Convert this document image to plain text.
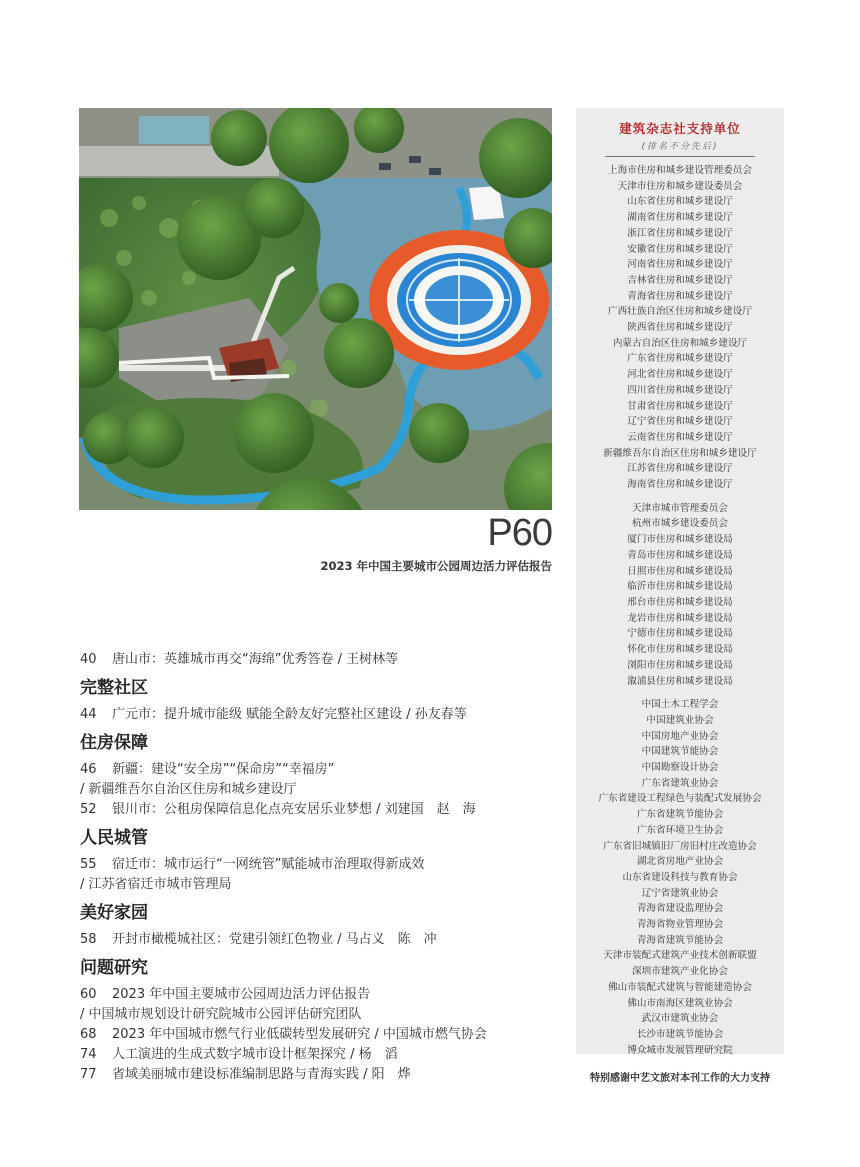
P60
2023 年中国主要城市公园周边活力评估报告
40 唐山市：英雄城市再交“海绵”优秀答卷 / 王树林等
完整社区
44 广元市：提升城市能级 赋能全龄友好完整社区建设 / 孙友春等
住房保障
46 新疆：建设“安全房”“保命房”“幸福房”
/ 新疆维吾尔自治区住房和城乡建设厅
52 银川市：公租房保障信息化点亮安居乐业梦想 / 刘建国　赵　海
人民城管
55 宿迁市：城市运行“一网统管”赋能城市治理取得新成效
/ 江苏省宿迁市城市管理局
美好家园
58 开封市橄榄城社区：党建引领红色物业 / 马占义　陈　冲
问题研究
60 2023 年中国主要城市公园周边活力评估报告
/ 中国城市规划设计研究院城市公园评估研究团队
68 2023 年中国城市燃气行业低碳转型发展研究 / 中国城市燃气协会
74 人工演进的生成式数字城市设计框架探究 / 杨　滔
77 省域美丽城市建设标准编制思路与青海实践 / 阳　烨
建筑杂志社支持单位
(排名不分先后)
上海市住房和城乡建设管理委员会
天津市住房和城乡建设委员会
山东省住房和城乡建设厅
湖南省住房和城乡建设厅
浙江省住房和城乡建设厅
安徽省住房和城乡建设厅
河南省住房和城乡建设厅
吉林省住房和城乡建设厅
青海省住房和城乡建设厅
广西壮族自治区住房和城乡建设厅
陕西省住房和城乡建设厅
内蒙古自治区住房和城乡建设厅
广东省住房和城乡建设厅
河北省住房和城乡建设厅
四川省住房和城乡建设厅
甘肃省住房和城乡建设厅
辽宁省住房和城乡建设厅
云南省住房和城乡建设厅
新疆维吾尔自治区住房和城乡建设厅
江苏省住房和城乡建设厅
海南省住房和城乡建设厅
天津市城市管理委员会
杭州市城乡建设委员会
厦门市住房和城乡建设局
青岛市住房和城乡建设局
日照市住房和城乡建设局
临沂市住房和城乡建设局
邢台市住房和城乡建设局
龙岩市住房和城乡建设局
宁德市住房和城乡建设局
怀化市住房和城乡建设局
浏阳市住房和城乡建设局
溆浦县住房和城乡建设局
中国土木工程学会
中国建筑业协会
中国房地产业协会
中国建筑节能协会
中国勘察设计协会
广东省建筑业协会
广东省建设工程绿色与装配式发展协会
广东省建筑节能协会
广东省环境卫生协会
广东省旧城镇旧厂房旧村庄改造协会
湖北省房地产业协会
山东省建设科技与教育协会
辽宁省建筑业协会
青海省建设监理协会
青海省物业管理协会
青海省建筑节能协会
天津市装配式建筑产业技术创新联盟
深圳市建筑产业化协会
佛山市装配式建筑与智能建造协会
佛山市南海区建筑业协会
武汉市建筑业协会
长沙市建筑节能协会
博众城市发展管理研究院
特别感谢中艺文旅对本刊工作的大力支持
